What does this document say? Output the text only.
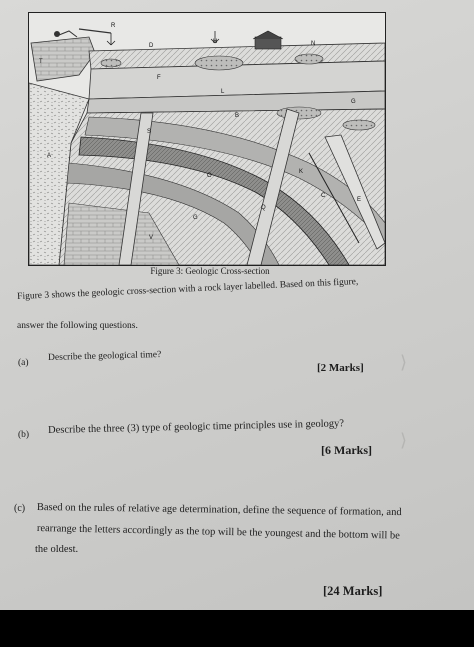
R
D
H	N
T
F
L
G
B
S
A
O
K
C
E
G
Q
V
Figure 3: Geologic Cross-section
Figure 3 shows the geologic cross-section with a rock layer labelled. Based on this figure,
answer the following questions.
(a)
Describe the geological time?
[2 Marks] ⟩
(b) Describe the three (3) type of geologic time principles use in geology?
[6 Marks] ⟩
(c) Based on the rules of relative age determination, define the sequence of formation, and
rearrange the letters accordingly as the top will be the youngest and the bottom will be
the oldest.
[24 Marks]
